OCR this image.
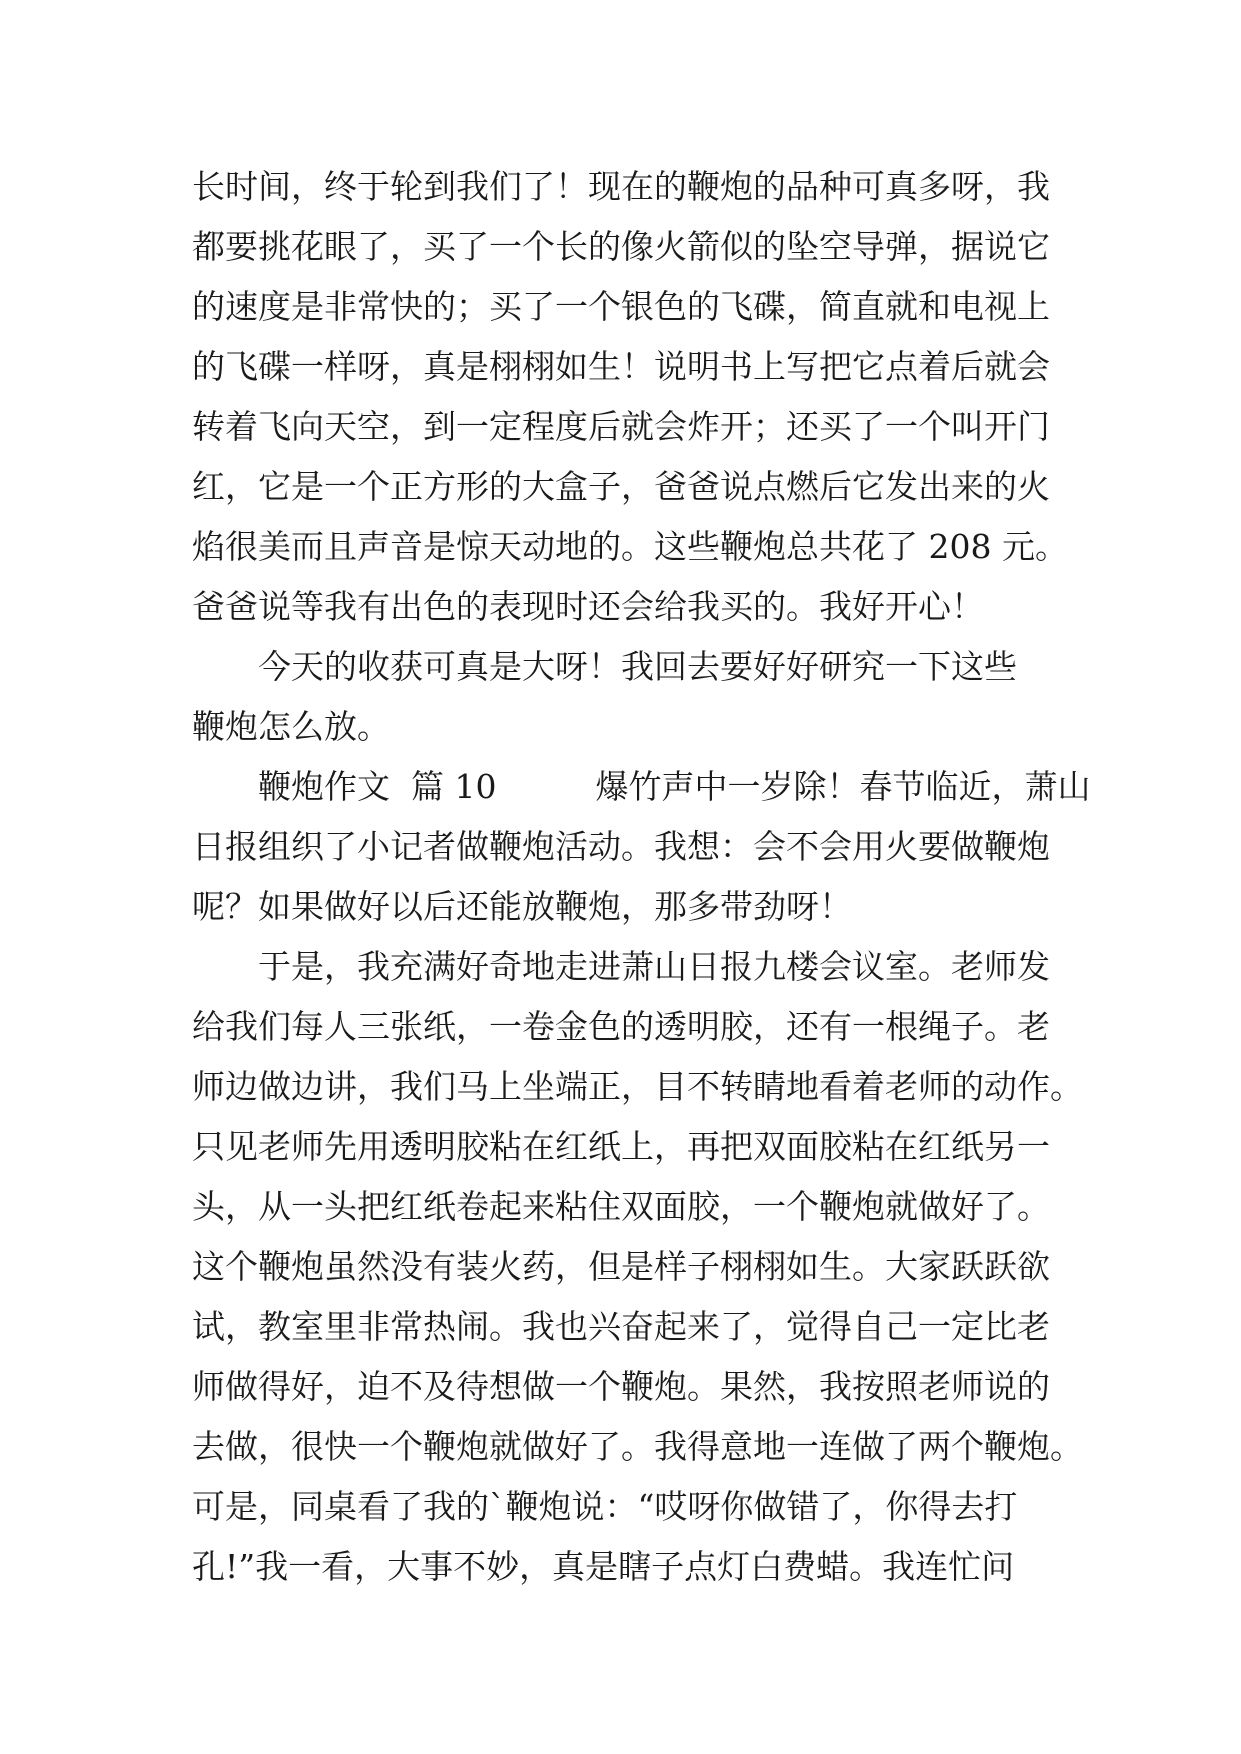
长时间，终于轮到我们了！现在的鞭炮的品种可真多呀，我
都要挑花眼了，买了一个长的像火箭似的坠空导弹，据说它
的速度是非常快的；买了一个银色的飞碟，简直就和电视上
的飞碟一样呀，真是栩栩如生！说明书上写把它点着后就会
转着飞向天空，到一定程度后就会炸开；还买了一个叫开门
红，它是一个正方形的大盒子，爸爸说点燃后它发出来的火
焰很美而且声音是惊天动地的。这些鞭炮总共花了 208 元。
爸爸说等我有出色的表现时还会给我买的。我好开心！
　　今天的收获可真是大呀！我回去要好好研究一下这些
鞭炮怎么放。
　　鞭炮作文  篇 10　　　爆竹声中一岁除！春节临近，萧山
日报组织了小记者做鞭炮活动。我想：会不会用火要做鞭炮
呢？如果做好以后还能放鞭炮，那多带劲呀！
　　于是，我充满好奇地走进萧山日报九楼会议室。老师发
给我们每人三张纸，一卷金色的透明胶，还有一根绳子。老
师边做边讲，我们马上坐端正，目不转睛地看着老师的动作。
只见老师先用透明胶粘在红纸上，再把双面胶粘在红纸另一
头，从一头把红纸卷起来粘住双面胶，一个鞭炮就做好了。
这个鞭炮虽然没有装火药，但是样子栩栩如生。大家跃跃欲
试，教室里非常热闹。我也兴奋起来了，觉得自己一定比老
师做得好，迫不及待想做一个鞭炮。果然，我按照老师说的
去做，很快一个鞭炮就做好了。我得意地一连做了两个鞭炮。
可是，同桌看了我的`鞭炮说：“哎呀你做错了，你得去打
孔!”我一看，大事不妙，真是瞎子点灯白费蜡。我连忙问
